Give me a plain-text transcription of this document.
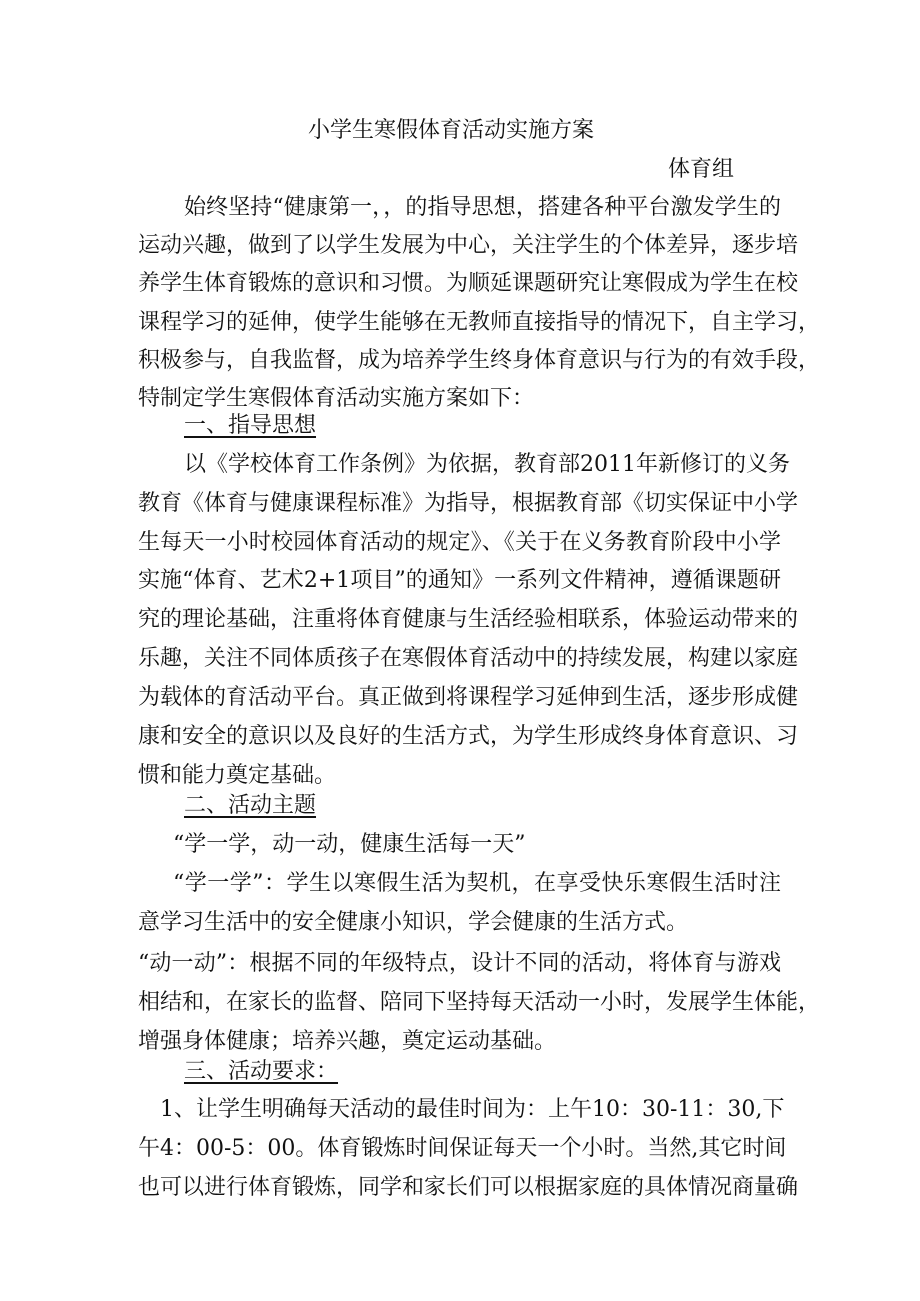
小学生寒假体育活动实施方案
体育组
始终坚持“健康第一，，的指导思想，搭建各种平台激发学生的
运动兴趣，做到了以学生发展为中心，关注学生的个体差异，逐步培
养学生体育锻炼的意识和习惯。为顺延课题研究让寒假成为学生在校
课程学习的延伸，使学生能够在无教师直接指导的情况下，自主学习，
积极参与，自我监督，成为培养学生终身体育意识与行为的有效手段，
特制定学生寒假体育活动实施方案如下：
一、指导思想
以《学校体育工作条例》为依据，教育部2011年新修订的义务
教育《体育与健康课程标准》为指导，根据教育部《切实保证中小学
生每天一小时校园体育活动的规定》、《关于在义务教育阶段中小学
实施“体育、艺术2+1项目”的通知》一系列文件精神，遵循课题研
究的理论基础，注重将体育健康与生活经验相联系，体验运动带来的
乐趣，关注不同体质孩子在寒假体育活动中的持续发展，构建以家庭
为载体的育活动平台。真正做到将课程学习延伸到生活，逐步形成健
康和安全的意识以及良好的生活方式，为学生形成终身体育意识、习
惯和能力奠定基础。
二、活动主题
“学一学，动一动，健康生活每一天”
“学一学”：学生以寒假生活为契机，在享受快乐寒假生活时注
意学习生活中的安全健康小知识，学会健康的生活方式。
“动一动”：根据不同的年级特点，设计不同的活动，将体育与游戏
相结和，在家长的监督、陪同下坚持每天活动一小时，发展学生体能，
增强身体健康；培养兴趣，奠定运动基础。
三、活动要求：
1、让学生明确每天活动的最佳时间为：上午10：30-11：30,下
午4：00-5：00。体育锻炼时间保证每天一个小时。当然,其它时间
也可以进行体育锻炼，同学和家长们可以根据家庭的具体情况商量确
